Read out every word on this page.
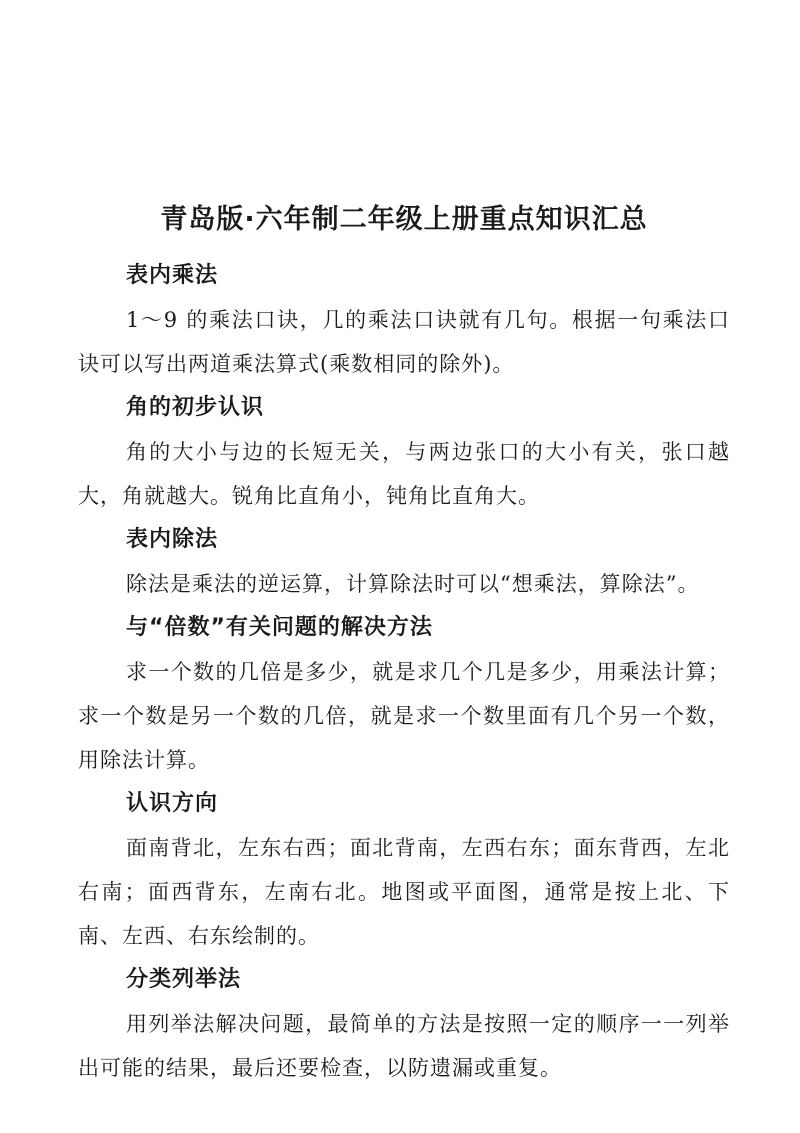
青岛版·六年制二年级上册重点知识汇总
表内乘法

1～9 的乘法口诀，几的乘法口诀就有几句。根据一句乘法口诀可以写出两道乘法算式(乘数相同的除外)。

角的初步认识

角的大小与边的长短无关，与两边张口的大小有关，张口越大，角就越大。锐角比直角小，钝角比直角大。

表内除法

除法是乘法的逆运算，计算除法时可以“想乘法，算除法”。

与“倍数”有关问题的解决方法

求一个数的几倍是多少，就是求几个几是多少，用乘法计算；求一个数是另一个数的几倍，就是求一个数里面有几个另一个数，用除法计算。

认识方向

面南背北，左东右西；面北背南，左西右东；面东背西，左北右南；面西背东，左南右北。地图或平面图，通常是按上北、下南、左西、右东绘制的。

分类列举法

用列举法解决问题，最简单的方法是按照一定的顺序一一列举出可能的结果，最后还要检查，以防遗漏或重复。
